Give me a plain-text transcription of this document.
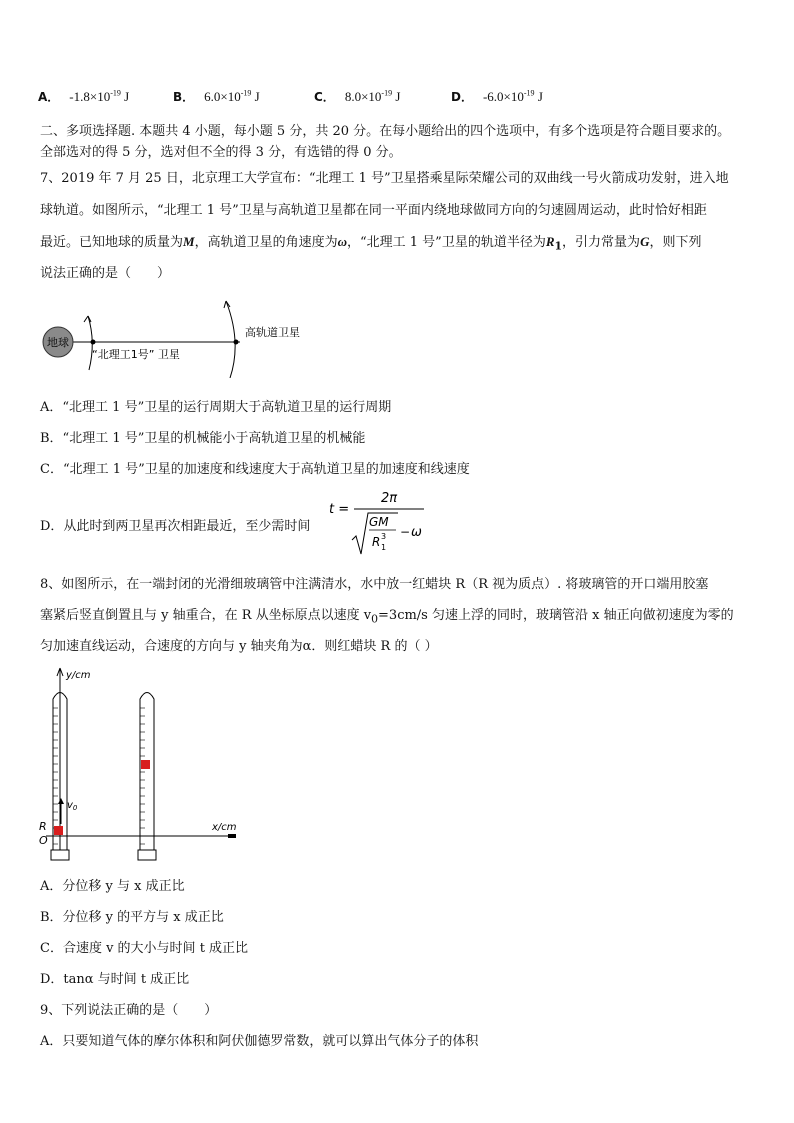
A． $-1.8\times 10^{-19}$ J	B． $6.0\times 10^{-19}$ J	C． $8.0\times 10^{-19}$ J	D． $-6.0\times 10^{-19}$ J
二、多项选择题. 本题共 4 小题，每小题 5 分，共 20 分。在每小题给出的四个选项中，有多个选项是符合题目要求的。
全部选对的得 5 分，选对但不全的得 3 分，有选错的得 0 分。
7、2019 年 7 月 25 日，北京理工大学宣布：“北理工 1 号”卫星搭乘星际荣耀公司的双曲线一号火箭成功发射，进入地
球轨道。如图所示，“北理工 1 号”卫星与高轨道卫星都在同一平面内绕地球做同方向的匀速圆周运动，此时恰好相距
最近。已知地球的质量为M，高轨道卫星的角速度为ω，“北理工 1 号”卫星的轨道半径为$R_1$，引力常量为G，则下列
说法正确的是（　　）
地球
“北理工1号” 卫星
高轨道卫星
A．“北理工 1 号”卫星的运行周期大于高轨道卫星的运行周期
B．“北理工 1 号”卫星的机械能小于高轨道卫星的机械能
C．“北理工 1 号”卫星的加速度和线速度大于高轨道卫星的加速度和线速度
D．从此时到两卫星再次相距最近，至少需时间
t =
2π
GM
R 3
1
− ω
8、如图所示，在一端封闭的光滑细玻璃管中注满清水，水中放一红蜡块 R（R 视为质点）. 将玻璃管的开口端用胶塞
塞紧后竖直倒置且与 y 轴重合，在 R 从坐标原点以速度 $v_0=3cm/s$ 匀速上浮的同时，玻璃管沿 x 轴正向做初速度为零的
匀加速直线运动，合速度的方向与 y 轴夹角为α．则红蜡块 R 的（ ）
y/cm
x/cm
$v_0$
R
O
A．分位移 y 与 x 成正比
B．分位移 y 的平方与 x 成正比
C．合速度 v 的大小与时间 t 成正比
D．tanα 与时间 t 成正比
9、下列说法正确的是（　　）
A．只要知道气体的摩尔体积和阿伏伽德罗常数，就可以算出气体分子的体积
